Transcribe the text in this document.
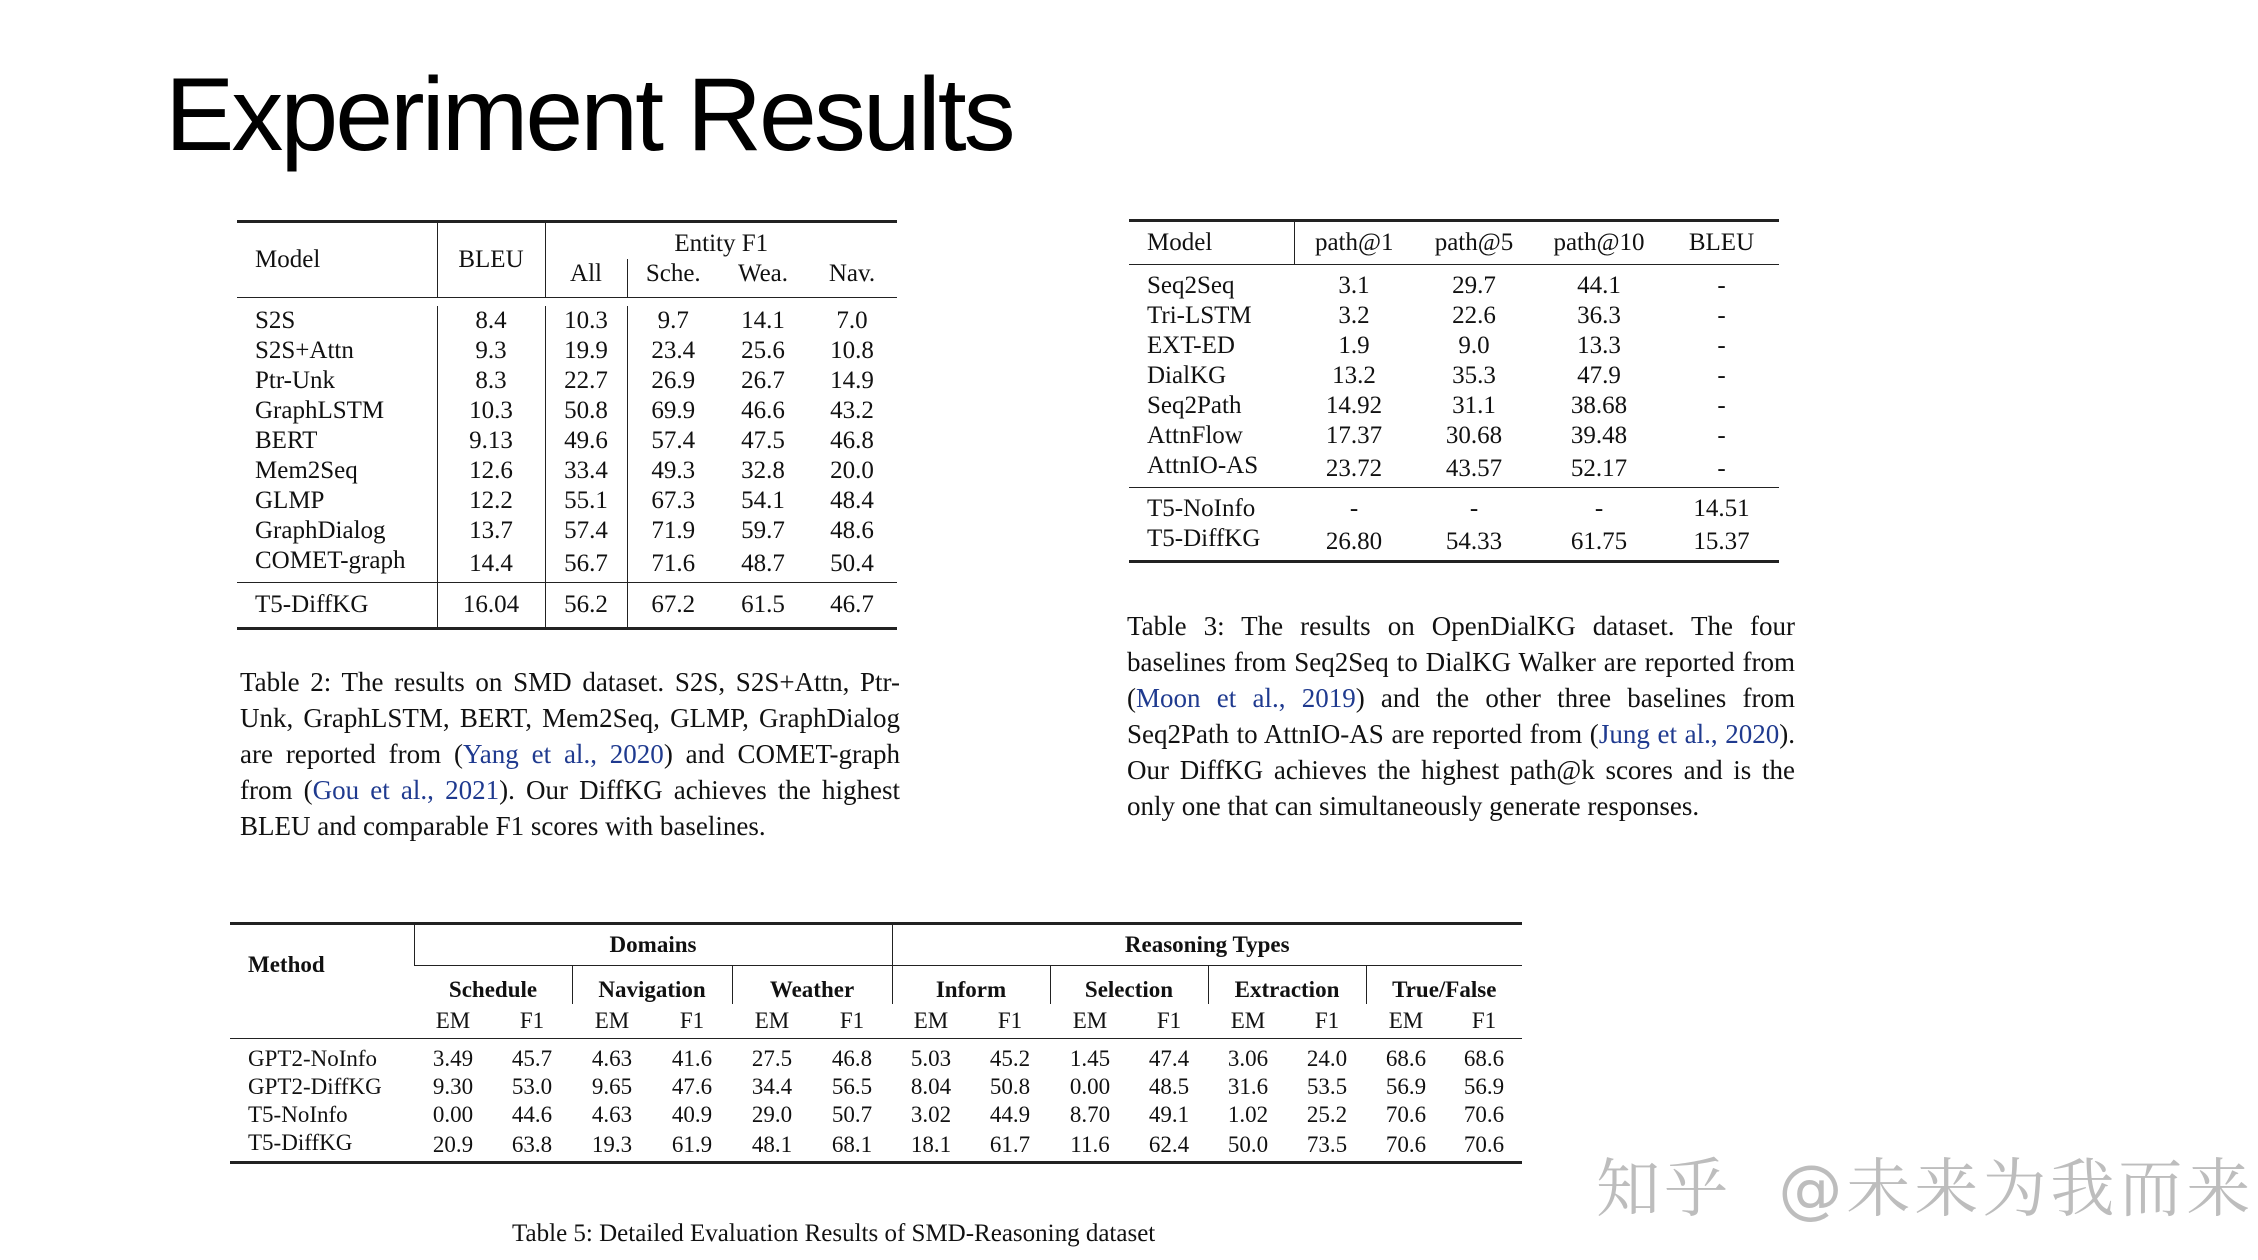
Experiment Results
Model	BLEU	Entity F1			
		All	Sche.	Wea.	Nav.

S2S	8.4	10.3	9.7	14.1	7.0
S2S+Attn	9.3	19.9	23.4	25.6	10.8
Ptr-Unk	8.3	22.7	26.9	26.7	14.9
GraphLSTM	10.3	50.8	69.9	46.6	43.2
BERT	9.13	49.6	57.4	47.5	46.8
Mem2Seq	12.6	33.4	49.3	32.8	20.0
GLMP	12.2	55.1	67.3	54.1	48.4
GraphDialog	13.7	57.4	71.9	59.7	48.6
COMET-graph	14.4	56.7	71.6	48.7	50.4
T5-DiffKG	16.04	56.2	67.2	61.5	46.7

Table 2: The results on SMD dataset. S2S, S2S+Attn, Ptr-Unk, GraphLSTM, BERT, Mem2Seq, GLMP, GraphDialog are reported from (Yang et al., 2020) and COMET-graph from (Gou et al., 2021). Our DiffKG achieves the highest BLEU and comparable F1 scores with baselines.

Model	path@1	path@5	path@10	BLEU

Seq2Seq	3.1	29.7	44.1	-
Tri-LSTM	3.2	22.6	36.3	-
EXT-ED	1.9	9.0	13.3	-
DialKG	13.2	35.3	47.9	-
Seq2Path	14.92	31.1	38.68	-
AttnFlow	17.37	30.68	39.48	-
AttnIO-AS	23.72	43.57	52.17	-

T5-NoInfo	-	-	-	14.51
T5-DiffKG	26.80	54.33	61.75	15.37

Table 3: The results on OpenDialKG dataset. The four baselines from Seq2Seq to DialKG Walker are reported from (Moon et al., 2019) and the other three baselines from Seq2Path to AttnIO-AS are reported from (Jung et al., 2020). Our DiffKG achieves the highest path@k scores and is the only one that can simultaneously generate responses.

Method	Domains						Reasoning Types							
	Schedule		Navigation		Weather		Inform		Selection		Extraction		True/False	
	EM	F1	EM	F1	EM	F1	EM	F1	EM	F1	EM	F1	EM	F1

GPT2-NoInfo	3.49	45.7	4.63	41.6	27.5	46.8	5.03	45.2	1.45	47.4	3.06	24.0	68.6	68.6
GPT2-DiffKG	9.30	53.0	9.65	47.6	34.4	56.5	8.04	50.8	0.00	48.5	31.6	53.5	56.9	56.9
T5-NoInfo	0.00	44.6	4.63	40.9	29.0	50.7	3.02	44.9	8.70	49.1	1.02	25.2	70.6	70.6
T5-DiffKG	20.9	63.8	19.3	61.9	48.1	68.1	18.1	61.7	11.6	62.4	50.0	73.5	70.6	70.6

Table 5: Detailed Evaluation Results of SMD-Reasoning dataset

知乎 @未来为我而来
